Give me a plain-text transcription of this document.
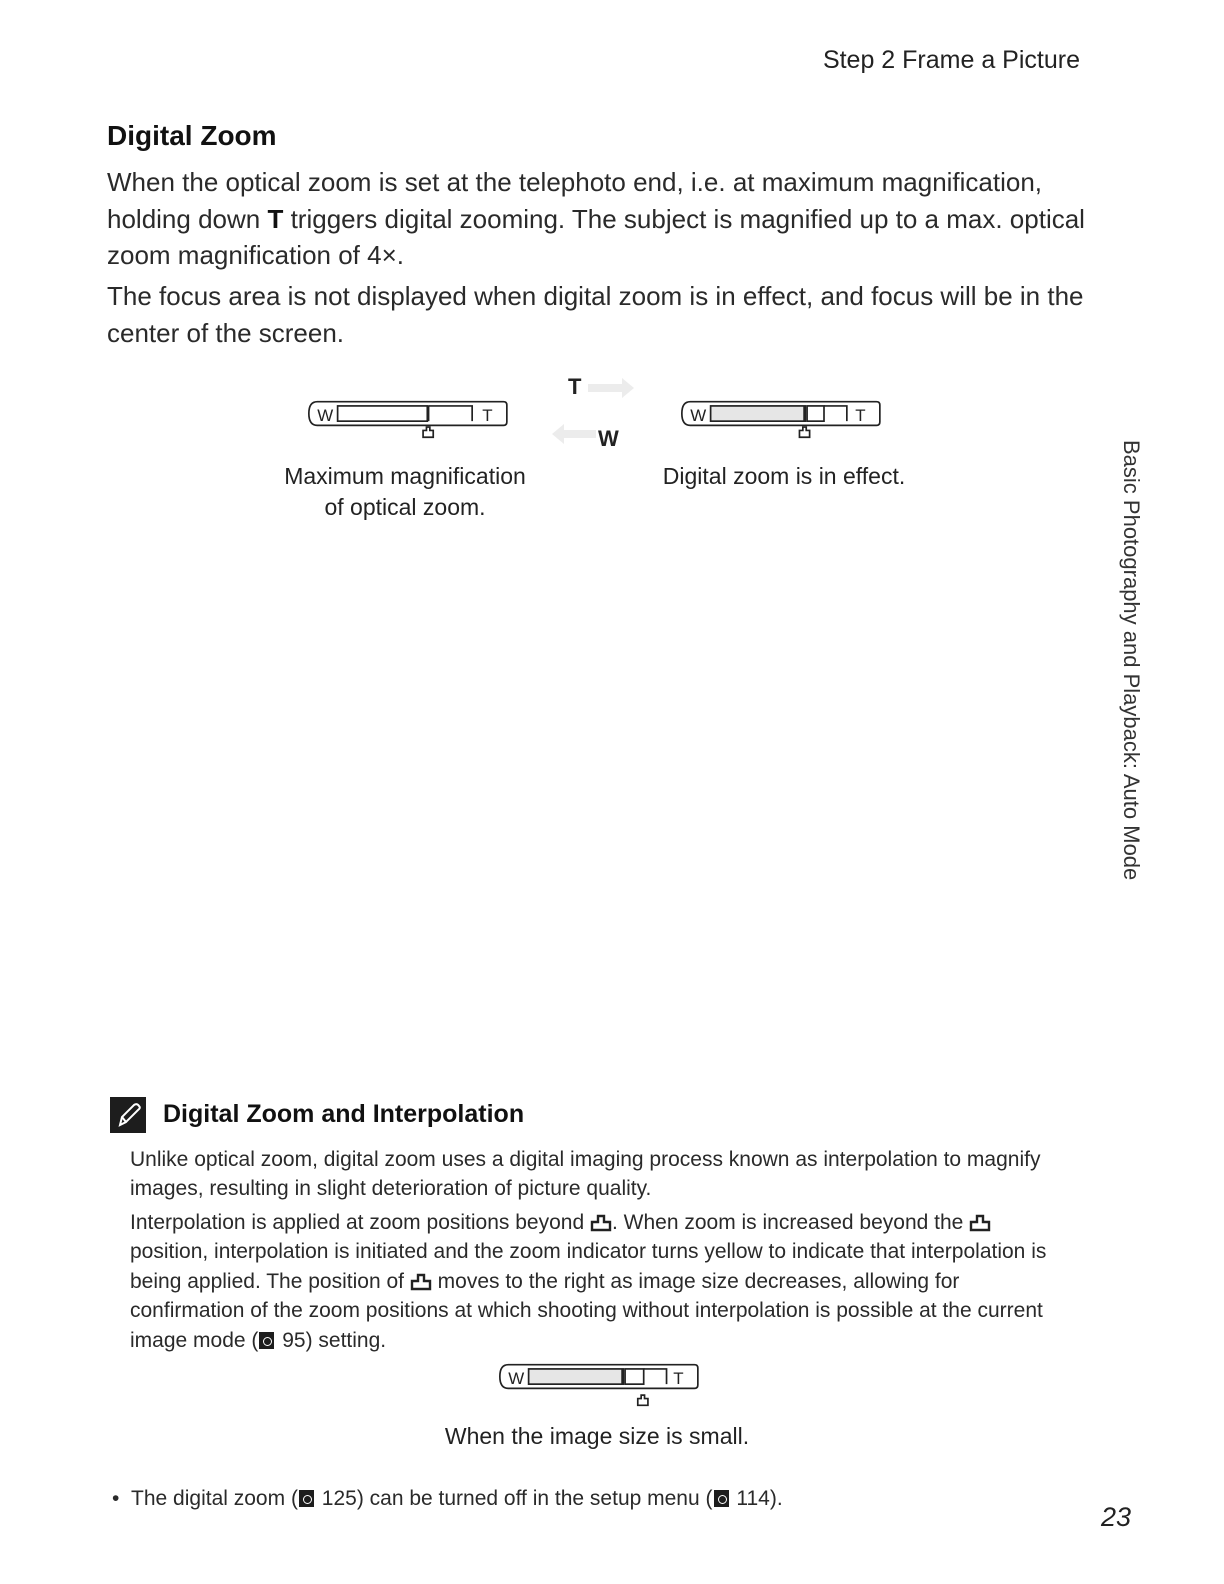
Step 2 Frame a Picture
Digital Zoom
When the optical zoom is set at the telephoto end, i.e. at maximum magnification, holding down T triggers digital zooming. The subject is magnified up to a max. optical zoom magnification of 4×.
The focus area is not displayed when digital zoom is in effect, and focus will be in the center of the screen.
W	T
T
W
W	T
Maximum magnification
of optical zoom.
Digital zoom is in effect.	Basic Photography and Playback: Auto Mode
Digital Zoom and Interpolation
Unlike optical zoom, digital zoom uses a digital imaging process known as interpolation to magnify images, resulting in slight deterioration of picture quality.
Interpolation is applied at zoom positions beyond . When zoom is increased beyond the  position, interpolation is initiated and the zoom indicator turns yellow to indicate that interpolation is being applied. The position of  moves to the right as image size decreases, allowing for confirmation of the zoom positions at which shooting without interpolation is possible at the current image mode ( 95) setting.
W	T
When the image size is small.
•  The digital zoom ( 125) can be turned off in the setup menu ( 114).
23
